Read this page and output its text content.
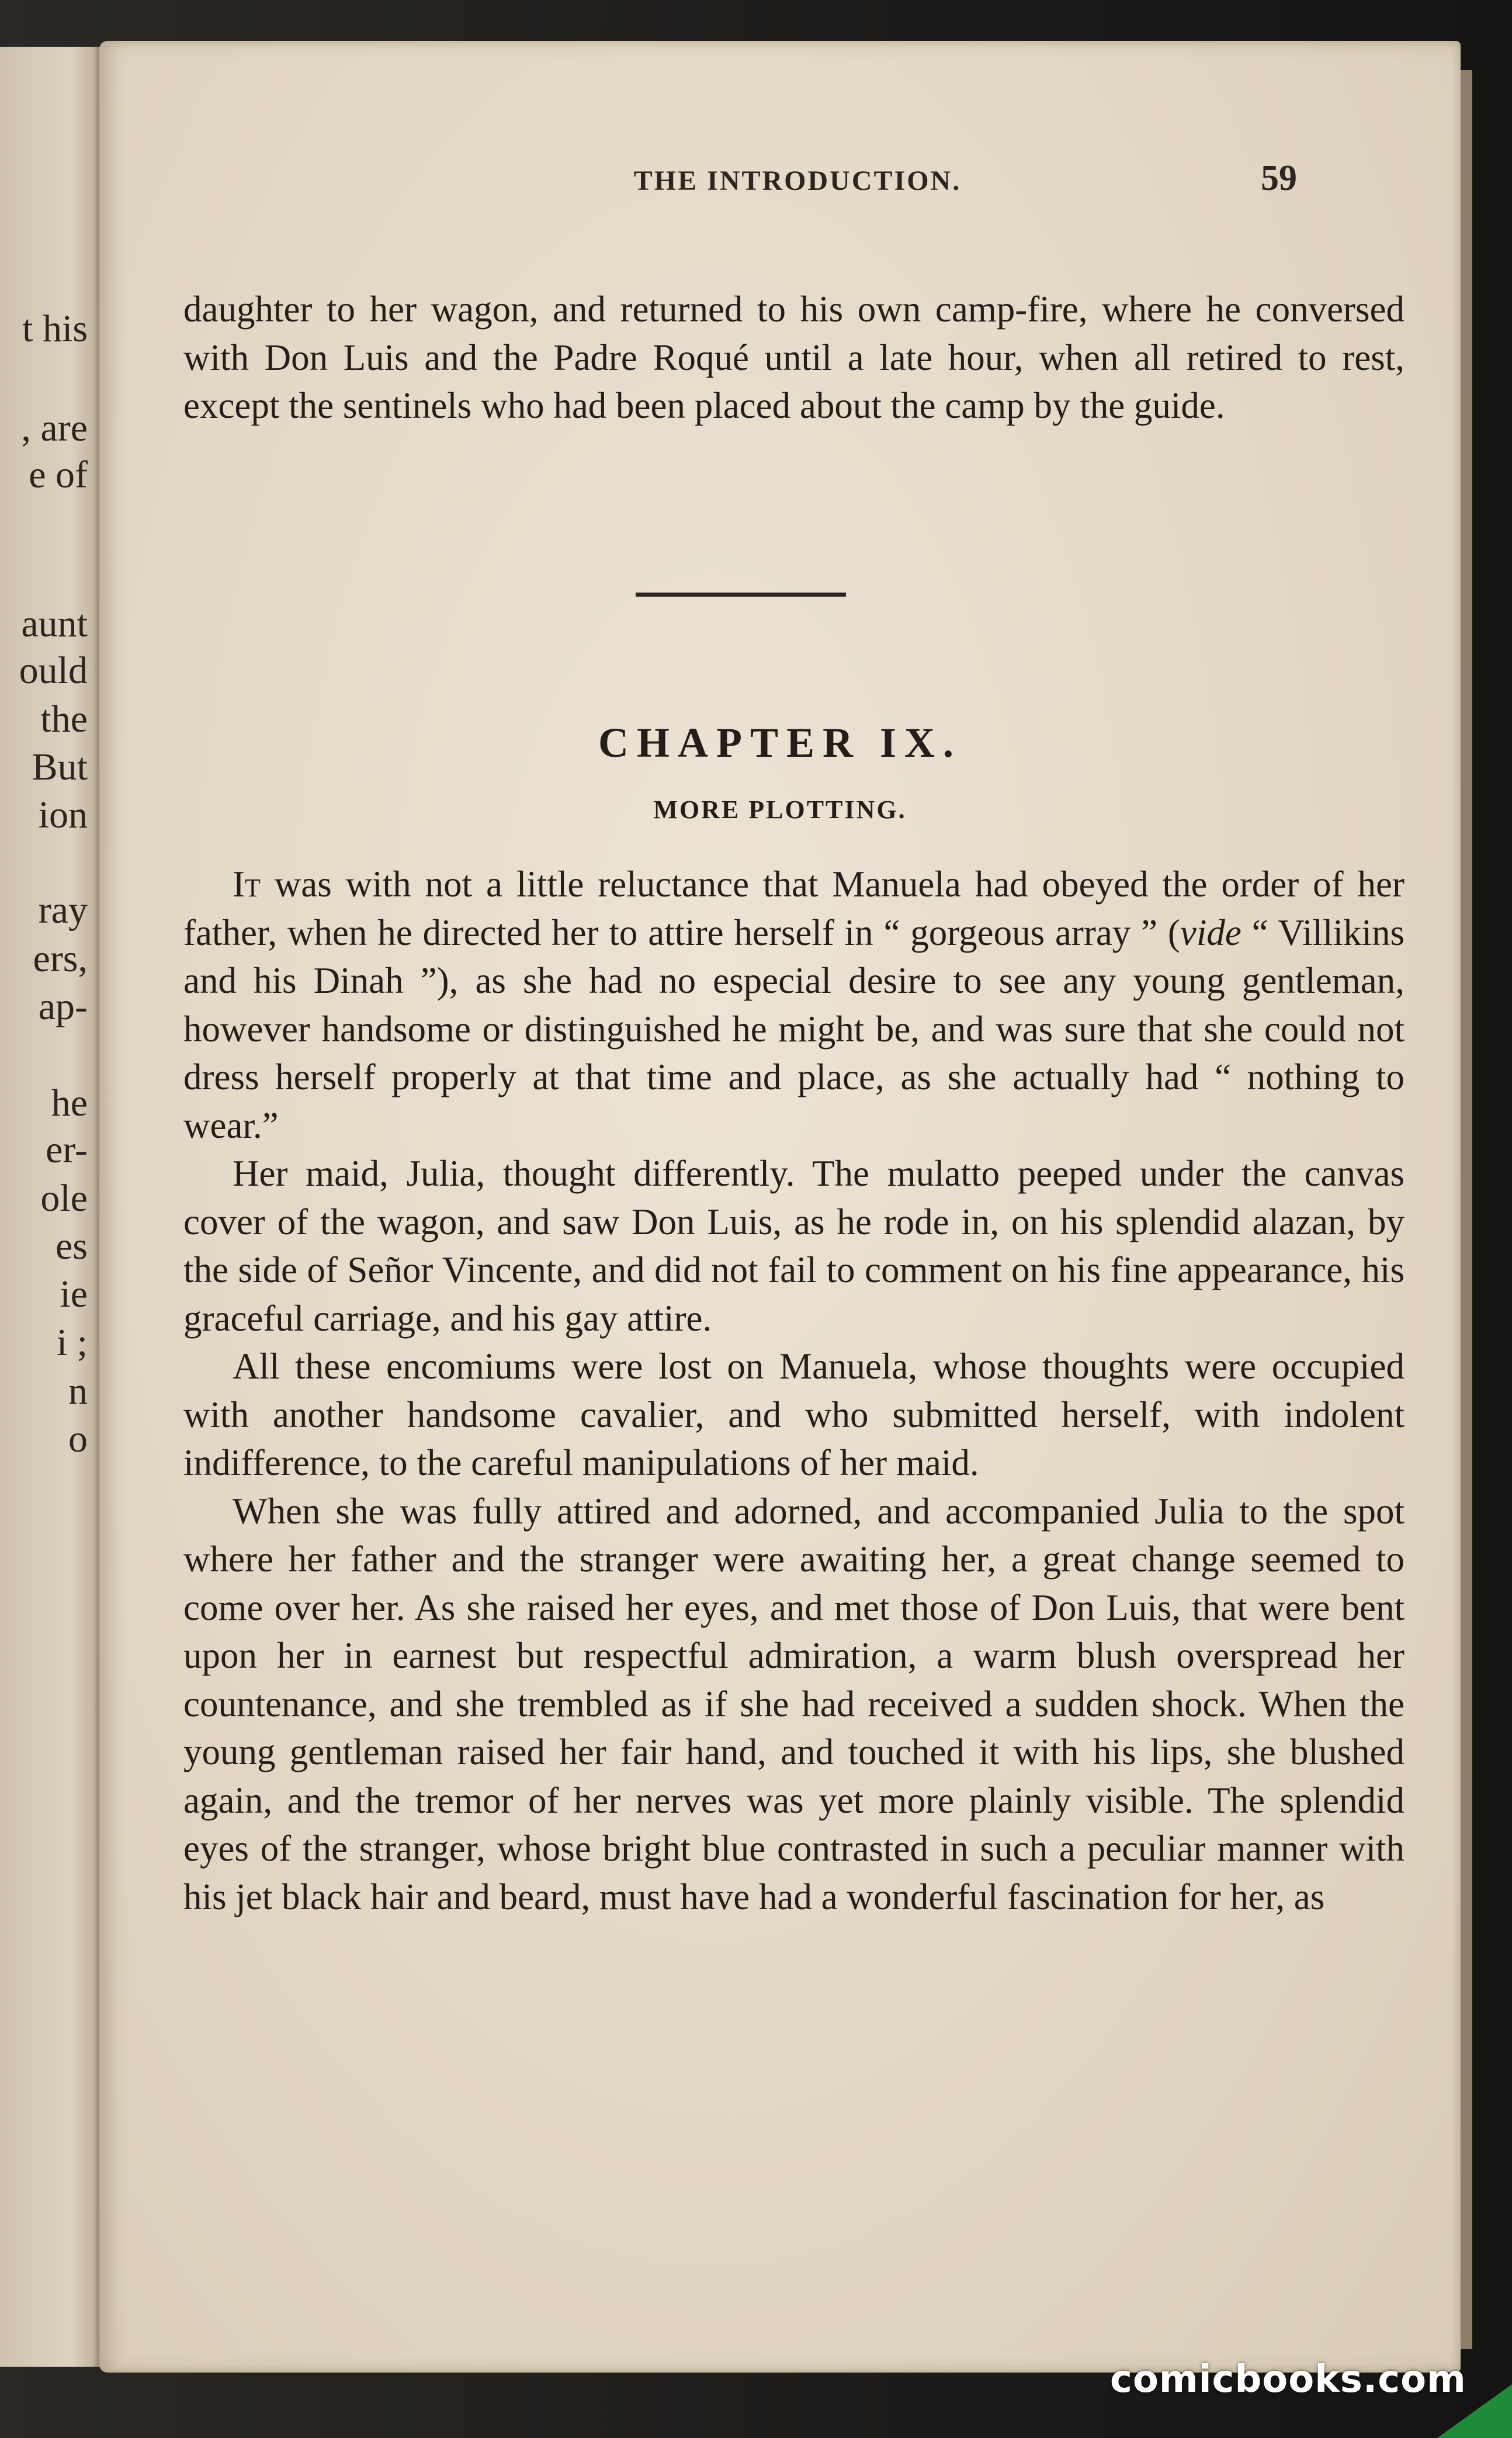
t his
, are
e of
aunt
ould
the
But
ion
ray
ers,
ap-
he
er-
ole
es
ie
i ;
n
o
THE INTRODUCTION.	59

daughter to her wagon, and returned to his own camp-fire, where he conversed with Don Luis and the Padre Roqué until a late hour, when all retired to rest, except the sentinels who had been placed about the camp by the guide.

CHAPTER IX.
MORE PLOTTING.

It was with not a little reluctance that Manuela had obeyed the order of her father, when he directed her to attire herself in “ gorgeous array ” (vide “ Villikins and his Dinah ”), as she had no especial desire to see any young gentleman, however handsome or distinguished he might be, and was sure that she could not dress herself properly at that time and place, as she actually had “ nothing to wear.”

Her maid, Julia, thought differently. The mulatto peeped under the canvas cover of the wagon, and saw Don Luis, as he rode in, on his splendid alazan, by the side of Señor Vincente, and did not fail to comment on his fine appearance, his graceful carriage, and his gay attire.

All these encomiums were lost on Manuela, whose thoughts were occupied with another handsome cavalier, and who submitted herself, with indolent indifference, to the careful manipulations of her maid.

When she was fully attired and adorned, and accompanied Julia to the spot where her father and the stranger were awaiting her, a great change seemed to come over her. As she raised her eyes, and met those of Don Luis, that were bent upon her in earnest but respectful admiration, a warm blush overspread her countenance, and she trembled as if she had received a sudden shock. When the young gentleman raised her fair hand, and touched it with his lips, she blushed again, and the tremor of her nerves was yet more plainly visible. The splendid eyes of the stranger, whose bright blue contrasted in such a peculiar manner with his jet black hair and beard, must have had a wonderful fascination for her, as

comicbooks.com
